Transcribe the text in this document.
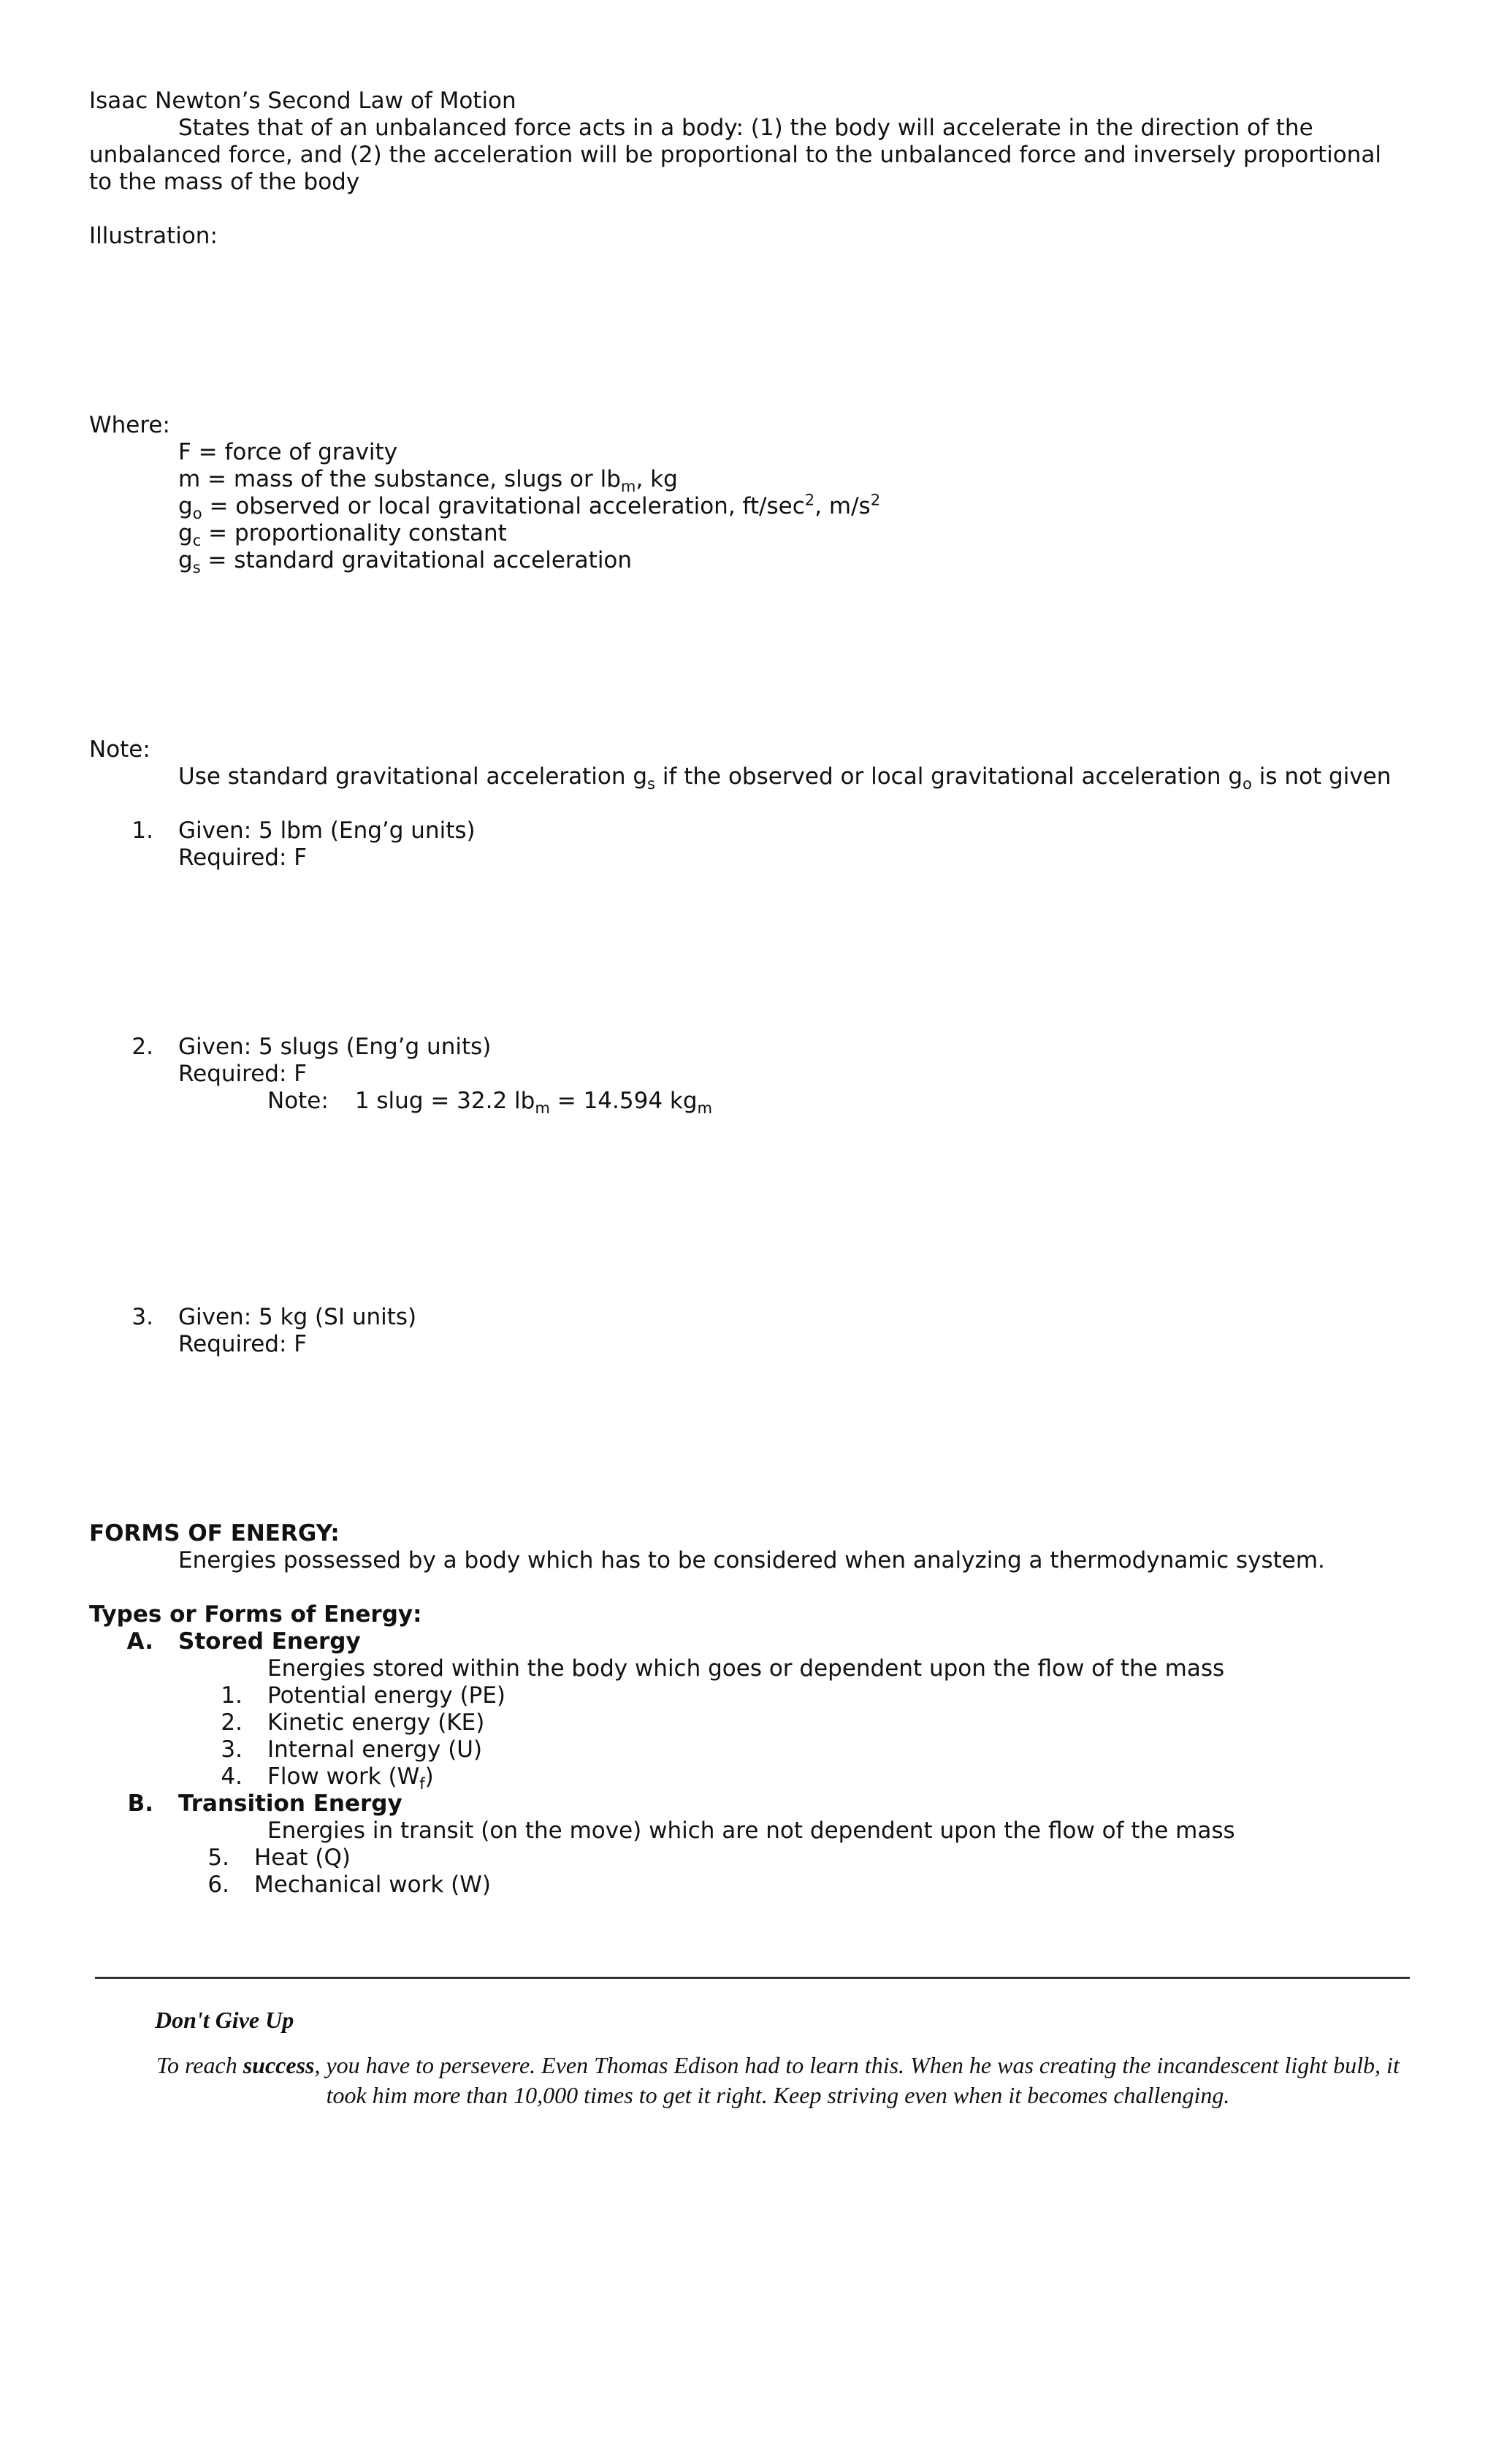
Isaac Newton’s Second Law of Motion
States that of an unbalanced force acts in a body: (1) the body will accelerate in the direction of the unbalanced force, and (2) the acceleration will be proportional to the unbalanced force and inversely proportional to the mass of the body
Illustration:
Where:
F = force of gravity
m = mass of the substance, slugs or $lb_m$, kg
$g_o$ = observed or local gravitational acceleration, $ft/\sec^2$, $m/s^2$
$g_c$ = proportionality constant
$g_s$ = standard gravitational acceleration
Note:
Use standard gravitational acceleration $g_s$ if the observed or local gravitational acceleration $g_o$ is not given
1. Given: 5 lbm (Eng’g units)
Required: F
2. Given: 5 slugs (Eng’g units)
Required: F
Note: 1 slug = 32.2 $lb_m = 14.594$ $kg_m$
3. Given: 5 kg (SI units)
Required: F
FORMS OF ENERGY:
Energies possessed by a body which has to be considered when analyzing a thermodynamic system.
Types or Forms of Energy:
A. Stored Energy
Energies stored within the body which goes or dependent upon the flow of the mass
1. Potential energy (PE)
2. Kinetic energy (KE)
3. Internal energy (U)
4. Flow work $(W_f)$
B. Transition Energy
Energies in transit (on the move) which are not dependent upon the flow of the mass
5. Heat (Q)
6. Mechanical work (W)
Don't Give Up
To reach success, you have to persevere. Even Thomas Edison had to learn this. When he was creating the incandescent light bulb, it took him more than 10,000 times to get it right. Keep striving even when it becomes challenging.
